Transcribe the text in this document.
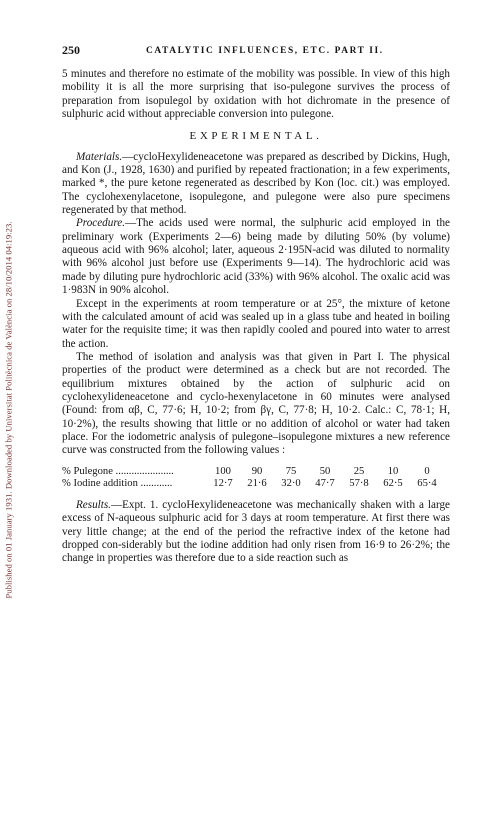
Published on 01 January 1931. Downloaded by Universitat Politècnica de València on 28/10/2014 04:19:23.
250	CATALYTIC INFLUENCES, ETC. PART II.

5 minutes and therefore no estimate of the mobility was possible. In view of this high mobility it is all the more surprising that iso-pulegone survives the process of preparation from isopulegol by oxidation with hot dichromate in the presence of sulphuric acid without appreciable conversion into pulegone.

EXPERIMENTAL.

Materials.—cycloHexylideneacetone was prepared as described by Dickins, Hugh, and Kon (J., 1928, 1630) and purified by repeated fractionation; in a few experiments, marked *, the pure ketone regenerated as described by Kon (loc. cit.) was employed. The cyclohexenylacetone, isopulegone, and pulegone were also pure specimens regenerated by that method.

Procedure.—The acids used were normal, the sulphuric acid employed in the preliminary work (Experiments 2—6) being made by diluting 50% (by volume) aqueous acid with 96% alcohol; later, aqueous 2·195N-acid was diluted to normality with 96% alcohol just before use (Experiments 9—14). The hydrochloric acid was made by diluting pure hydrochloric acid (33%) with 96% alcohol. The oxalic acid was 1·983N in 90% alcohol.

Except in the experiments at room temperature or at 25°, the mixture of ketone with the calculated amount of acid was sealed up in a glass tube and heated in boiling water for the requisite time; it was then rapidly cooled and poured into water to arrest the action.

The method of isolation and analysis was that given in Part I. The physical properties of the product were determined as a check but are not recorded. The equilibrium mixtures obtained by the action of sulphuric acid on cyclohexylideneacetone and cyclo-hexenylacetone in 60 minutes were analysed (Found: from αβ, C, 77·6; H, 10·2; from βγ, C, 77·8; H, 10·2. Calc.: C, 78·1; H, 10·2%), the results showing that little or no addition of alcohol or water had taken place. For the iodometric analysis of pulegone–isopulegone mixtures a new reference curve was constructed from the following values :

% Pulegone ......................	100	90	75	50	25	10	0
% Iodine addition ............	12·7	21·6	32·0	47·7	57·8	62·5	65·4

Results.—Expt. 1. cycloHexylideneacetone was mechanically shaken with a large excess of N-aqueous sulphuric acid for 3 days at room temperature. At first there was very little change; at the end of the period the refractive index of the ketone had dropped con-siderably but the iodine addition had only risen from 16·9 to 26·2%; the change in properties was therefore due to a side reaction such as
